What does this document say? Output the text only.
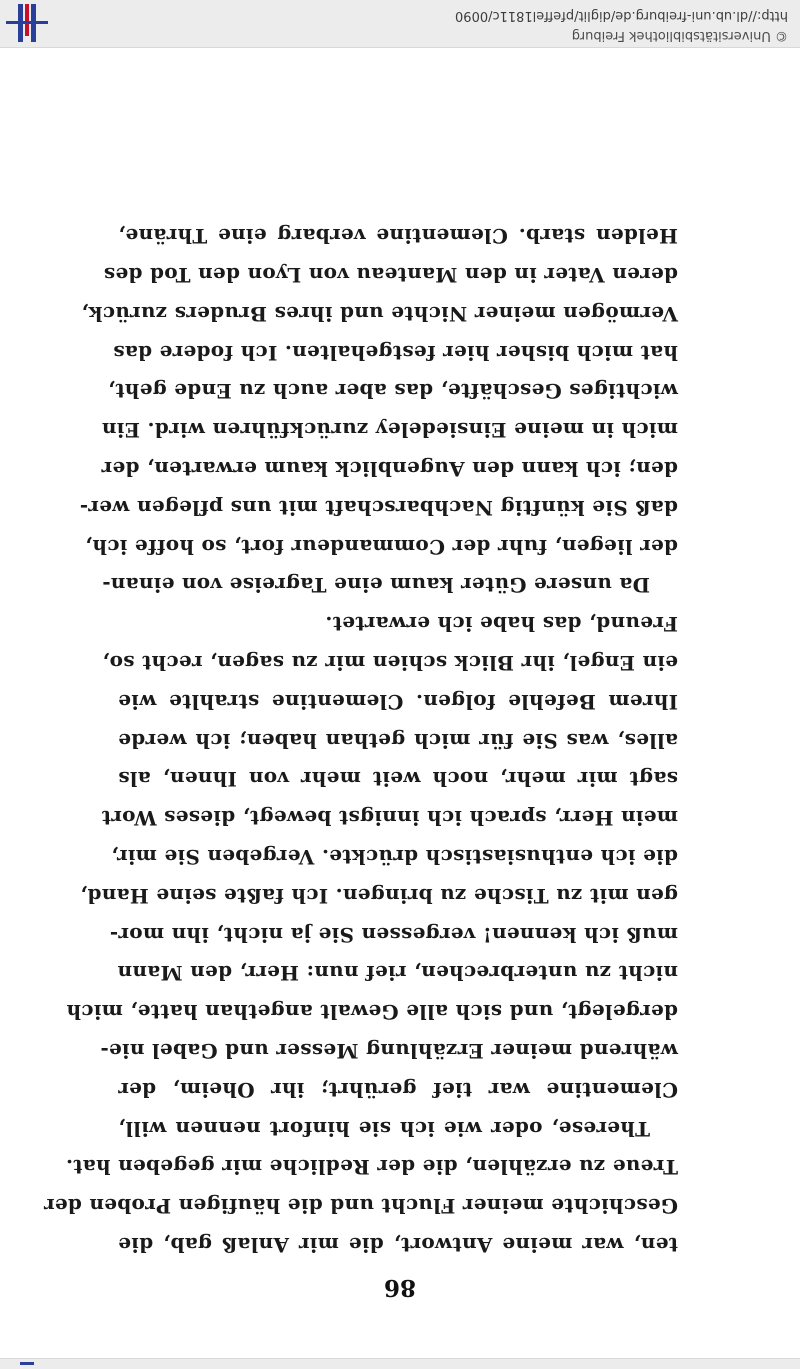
86
ten, war meine Antwort, die mir Anlaß gab, die
Geschichte meiner Flucht und die häufigen Proben der
Treue zu erzählen, die der Redliche mir gegeben hat.
Therese, oder wie ich sie hinfort nennen will,
Clementine war tief gerührt; ihr Oheim, der
während meiner Erzählung Messer und Gabel nie-
dergelegt, und sich alle Gewalt angethan hatte, mich
nicht zu unterbrechen, rief nun: Herr, den Mann
muß ich kennen! vergessen Sie ja nicht, ihn mor-
gen mit zu Tische zu bringen. Ich faßte seine Hand,
die ich enthusiastisch drückte. Vergeben Sie mir,
mein Herr, sprach ich innigst bewegt, dieses Wort
sagt mir mehr, noch weit mehr von Ihnen, als
alles, was Sie für mich gethan haben; ich werde
Ihrem Befehle folgen. Clementine strahlte wie
ein Engel, ihr Blick schien mir zu sagen, recht so,
Freund, das habe ich erwartet.
Da unsere Güter kaum eine Tagreise von einan-
der liegen, fuhr der Commandeur fort, so hoffe ich,
daß Sie künftig Nachbarschaft mit uns pflegen wer-
den; ich kann den Augenblick kaum erwarten, der
mich in meine Einsiedeley zurückführen wird. Ein
wichtiges Geschäfte, das aber auch zu Ende geht,
hat mich bisher hier festgehalten. Ich fodere das
Vermögen meiner Nichte und ihres Bruders zurück,
deren Vater in den Manteau von Lyon den Tod des
Helden starb. Clementine verbarg eine Thräne,
© Universitätsbibliothek Freiburg
http://dl.ub.uni-freiburg.de/diglit/pfeffel1811c/0090
